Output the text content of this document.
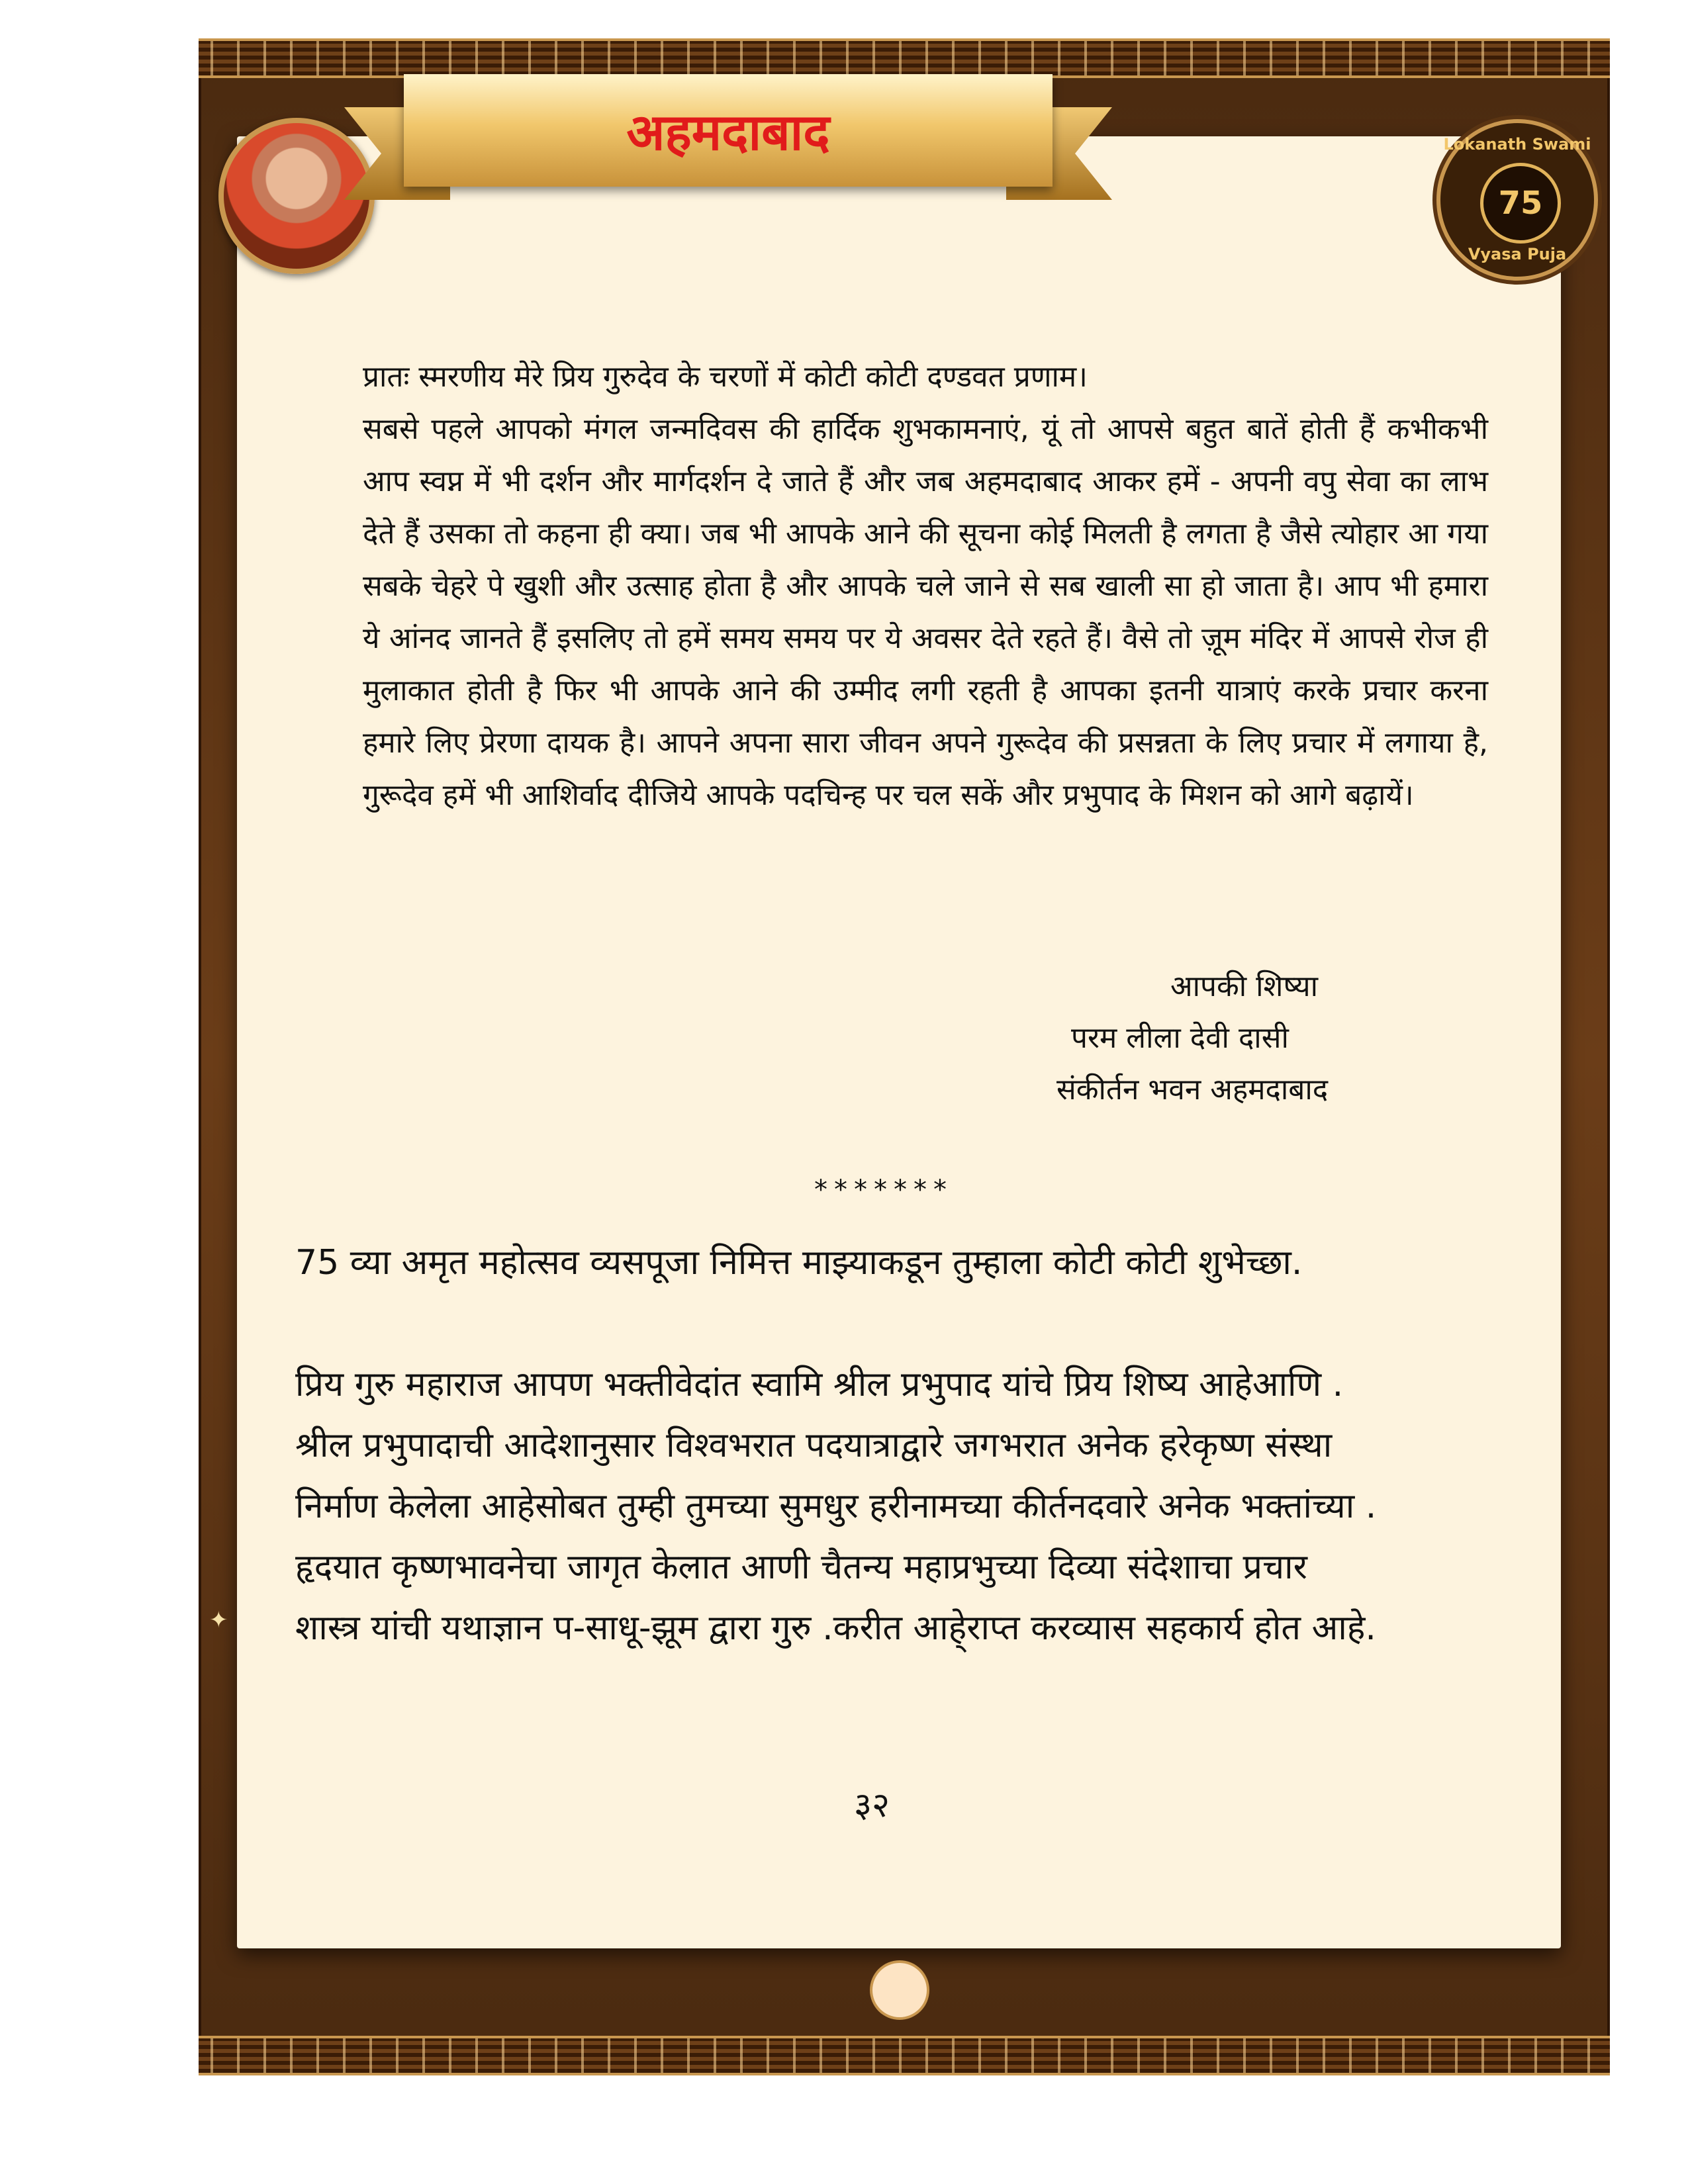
अहमदाबाद	Lokanath Swami
75
Vyasa Puja

प्रातः स्मरणीय मेरे प्रिय गुरुदेव के चरणों में कोटी कोटी दण्डवत प्रणाम।

सबसे पहले आपको मंगल जन्मदिवस की हार्दिक शुभकामनाएं, यूं तो आपसे बहुत बातें होती हैं कभीकभी आप स्वप्न में भी दर्शन और मार्गदर्शन दे जाते हैं और जब अहमदाबाद आकर हमें - अपनी वपु सेवा का लाभ देते हैं उसका तो कहना ही क्या। जब भी आपके आने की सूचना कोई मिलती है लगता है जैसे त्योहार आ गया सबके चेहरे पे खुशी और उत्साह होता है और आपके चले जाने से सब खाली सा हो जाता है। आप भी हमारा ये आंनद जानते हैं इसलिए तो हमें समय समय पर ये अवसर देते रहते हैं। वैसे तो ज़ूम मंदिर में आपसे रोज ही मुलाकात होती है फिर भी आपके आने की उम्मीद लगी रहती है आपका इतनी यात्राएं करके प्रचार करना हमारे लिए प्रेरणा दायक है। आपने अपना सारा जीवन अपने गुरूदेव की प्रसन्नता के लिए प्रचार में लगाया है, गुरूदेव हमें भी आशिर्वाद दीजिये आपके पदचिन्ह पर चल सकें और प्रभुपाद के मिशन को आगे बढ़ायें।

आपकी शिष्या
परम लीला देवी दासी
संकीर्तन भवन अहमदाबाद
*******
75 व्या अमृत महोत्सव व्यसपूजा निमित्त माझ्याकडून तुम्हाला कोटी कोटी शुभेच्छा.
प्रिय गुरु महाराज आपण भक्तीवेदांत स्वामि श्रील प्रभुपाद यांचे प्रिय शिष्य आहेआणि .
श्रील प्रभुपादाची आदेशानुसार विश्वभरात पदयात्राद्वारे जगभरात अनेक हरेकृष्ण संस्था
निर्माण केलेला आहेसोबत तुम्ही तुमच्या सुमधुर हरीनामच्या कीर्तनदवारे अनेक भक्तांच्या .
हृदयात कृष्णभावनेचा जागृत केलात आणी चैतन्य महाप्रभुच्या दिव्या संदेशाचा प्रचार
शास्त्र यांची यथाज्ञान प-साधू-झूम द्वारा गुरु .करीत आहे्राप्त करव्यास सहकार्य होत आहे.
३२
✦
